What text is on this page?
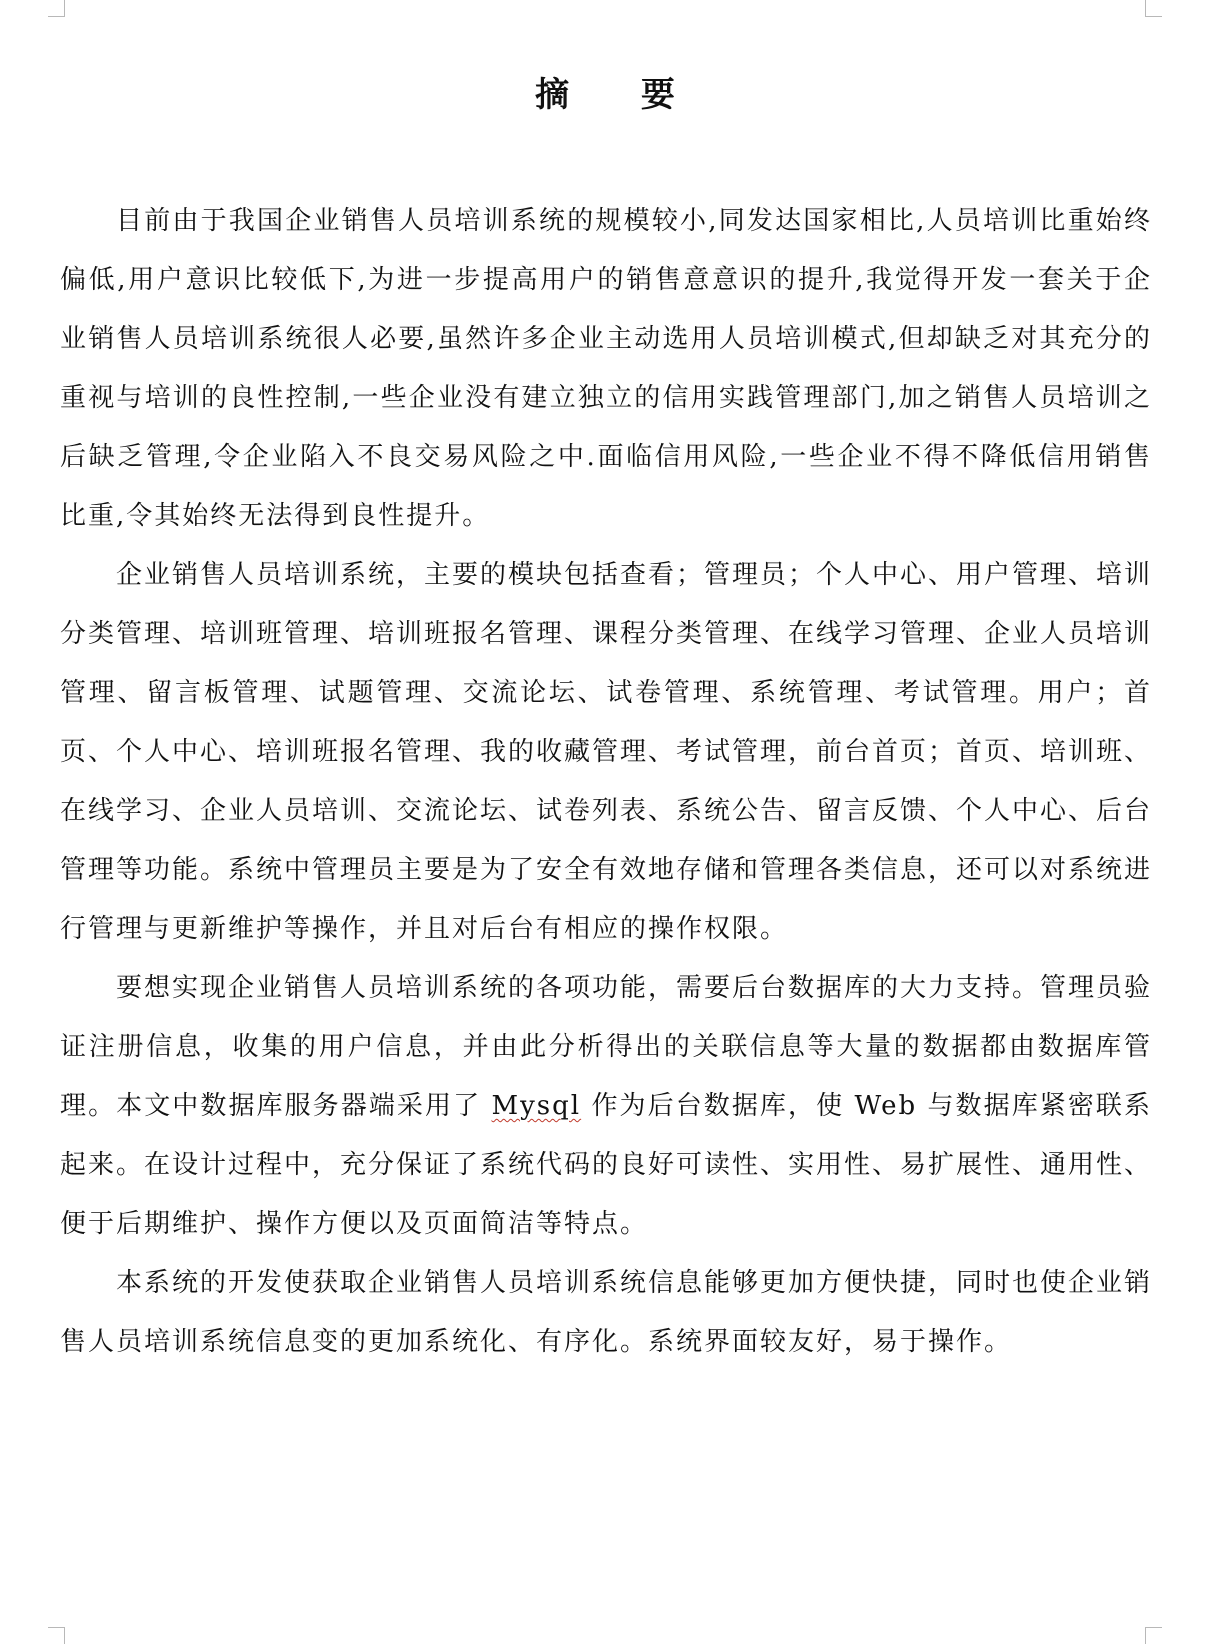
摘 要

目前由于我国企业销售人员培训系统的规模较小,同发达国家相比,人员培训比重始终偏低,用户意识比较低下,为进一步提高用户的销售意意识的提升,我觉得开发一套关于企业销售人员培训系统很人必要,虽然许多企业主动选用人员培训模式,但却缺乏对其充分的重视与培训的良性控制,一些企业没有建立独立的信用实践管理部门,加之销售人员培训之后缺乏管理,令企业陷入不良交易风险之中.面临信用风险,一些企业不得不降低信用销售比重,令其始终无法得到良性提升。

企业销售人员培训系统，主要的模块包括查看；管理员；个人中心、用户管理、培训分类管理、培训班管理、培训班报名管理、课程分类管理、在线学习管理、企业人员培训管理、留言板管理、试题管理、交流论坛、试卷管理、系统管理、考试管理。用户；首页、个人中心、培训班报名管理、我的收藏管理、考试管理，前台首页；首页、培训班、在线学习、企业人员培训、交流论坛、试卷列表、系统公告、留言反馈、个人中心、后台管理等功能。系统中管理员主要是为了安全有效地存储和管理各类信息，还可以对系统进行管理与更新维护等操作，并且对后台有相应的操作权限。

要想实现企业销售人员培训系统的各项功能，需要后台数据库的大力支持。管理员验证注册信息，收集的用户信息，并由此分析得出的关联信息等大量的数据都由数据库管理。本文中数据库服务器端采用了 Mysql 作为后台数据库，使 Web 与数据库紧密联系起来。在设计过程中，充分保证了系统代码的良好可读性、实用性、易扩展性、通用性、便于后期维护、操作方便以及页面简洁等特点。

本系统的开发使获取企业销售人员培训系统信息能够更加方便快捷，同时也使企业销售人员培训系统信息变的更加系统化、有序化。系统界面较友好，易于操作。
